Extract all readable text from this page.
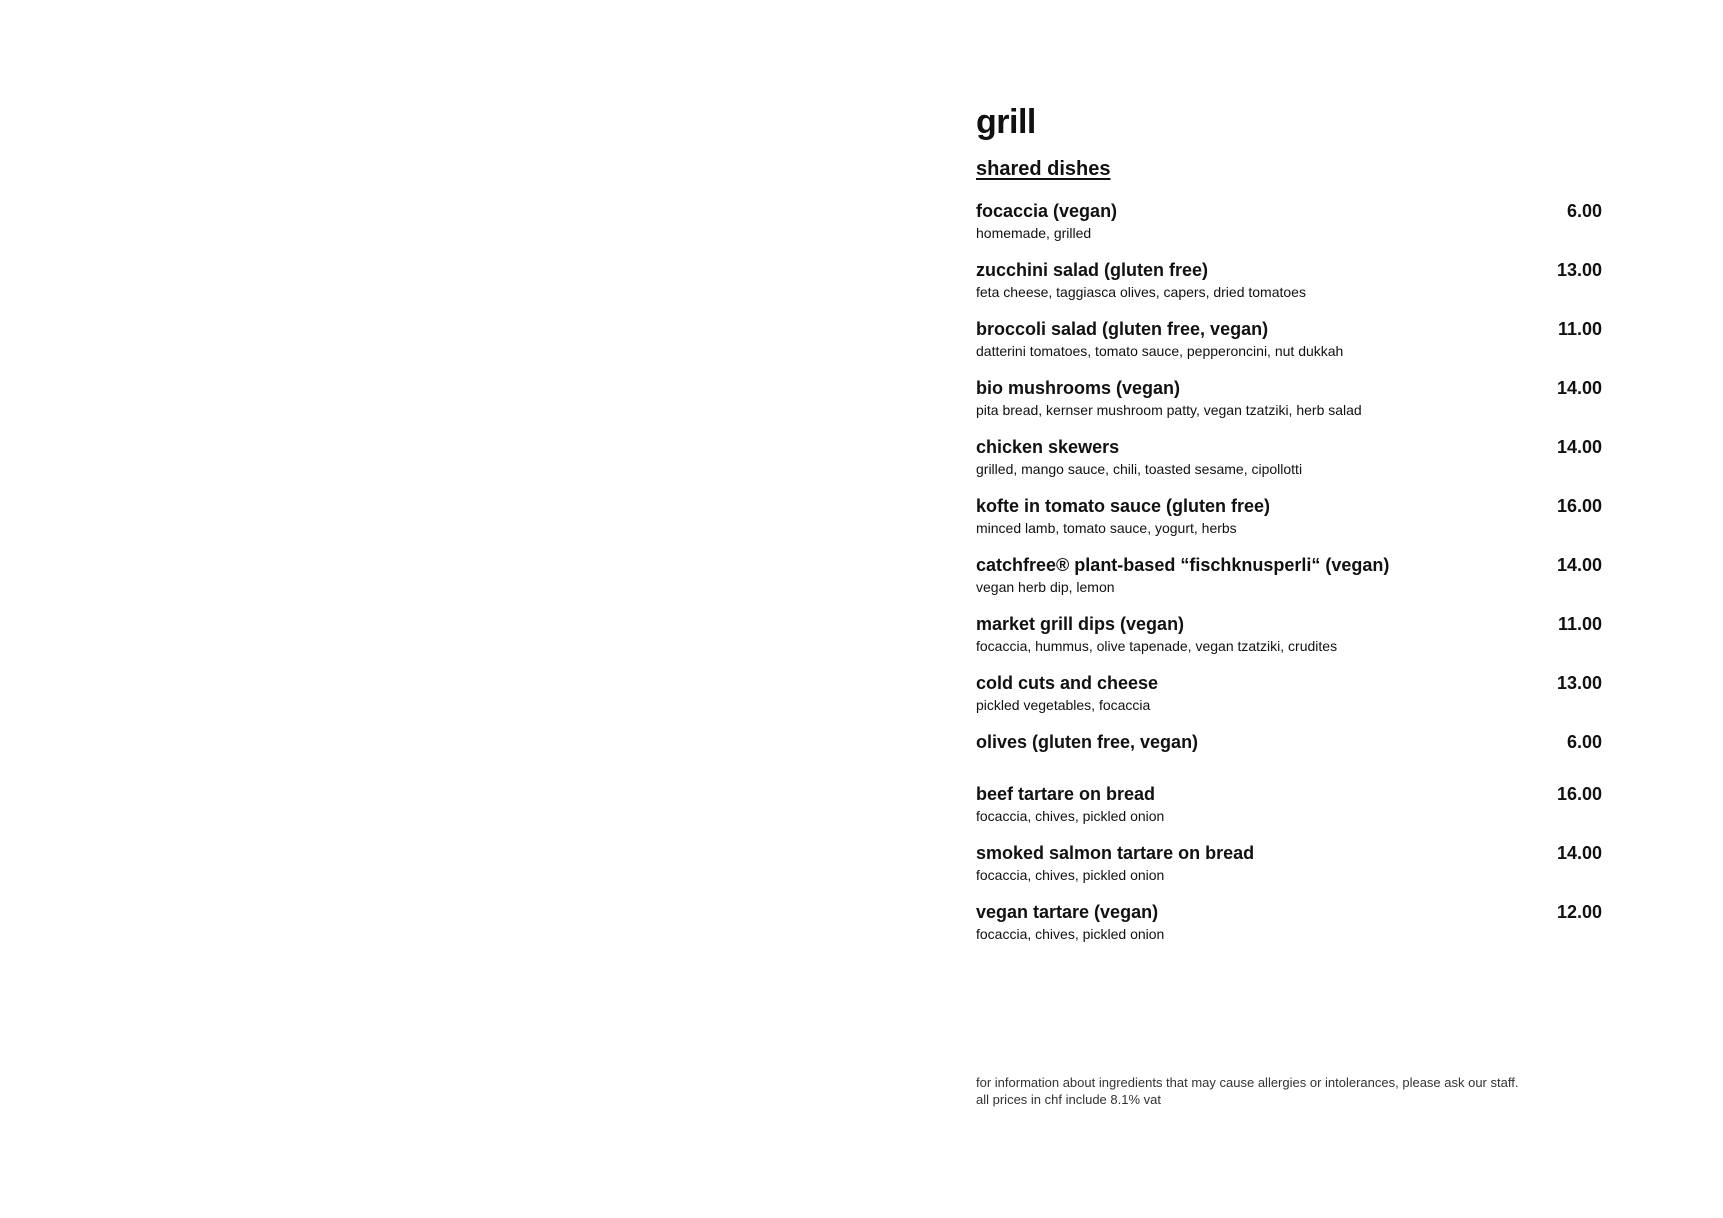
grill
shared dishes
focaccia (vegan)	6.00
homemade, grilled
zucchini salad (gluten free)	13.00
feta cheese, taggiasca olives, capers, dried tomatoes
broccoli salad (gluten free, vegan)	11.00
datterini tomatoes, tomato sauce, pepperoncini, nut dukkah
bio mushrooms (vegan)	14.00
pita bread, kernser mushroom patty, vegan tzatziki, herb salad
chicken skewers	14.00
grilled, mango sauce, chili, toasted sesame, cipollotti
kofte in tomato sauce (gluten free)	16.00
minced lamb, tomato sauce, yogurt, herbs
catchfree® plant-based “fischknusperli“ (vegan)	14.00
vegan herb dip, lemon
market grill dips (vegan)	11.00
focaccia, hummus, olive tapenade, vegan tzatziki, crudites
cold cuts and cheese	13.00
pickled vegetables, focaccia
olives (gluten free, vegan)	6.00
beef tartare on bread	16.00
focaccia, chives, pickled onion
smoked salmon tartare on bread	14.00
focaccia, chives, pickled onion
vegan tartare (vegan)	12.00
focaccia, chives, pickled onion
for information about ingredients that may cause allergies or intolerances, please ask our staff.
all prices in chf include 8.1% vat
